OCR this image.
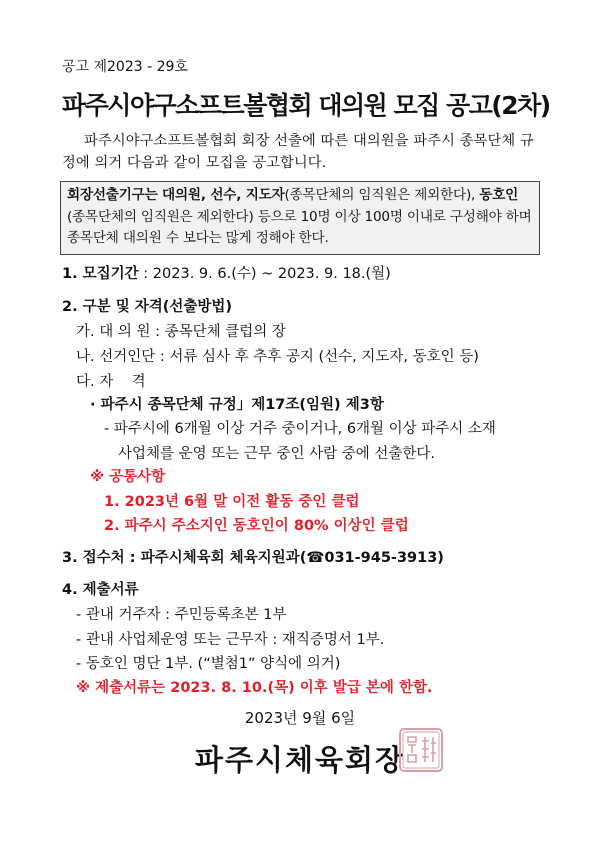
공고 제2023 - 29호
파주시야구소프트볼협회 대의원 모집 공고(2차)
파주시야구소프트볼협회 회장 선출에 따른 대의원을 파주시 종목단체 규정에 의거 다음과 같이 모집을 공고합니다.
회장선출기구는 대의원, 선수, 지도자(종목단체의 임직원은 제외한다), 동호인
(종목단체의 임직원은 제외한다) 등으로 10명 이상 100명 이내로 구성해야 하며
종목단체 대의원 수 보다는 많게 정해야 한다.
1. 모집기간 : 2023. 9. 6.(수) ~ 2023. 9. 18.(월)
2. 구분 및 자격(선출방법)
가. 대 의 원 : 종목단체 클럽의 장
나. 선거인단 : 서류 심사 후 추후 공지 (선수, 지도자, 동호인 등)
다. 자    격
· 파주시 종목단체 규정」제17조(임원) 제3항
- 파주시에 6개월 이상 거주 중이거나, 6개월 이상 파주시 소재
사업체를 운영 또는 근무 중인 사람 중에 선출한다.
※ 공통사항
1. 2023년 6월 말 이전 활동 중인 클럽
2. 파주시 주소지인 동호인이 80% 이상인 클럽
3. 접수처 : 파주시체육회 체육지원과(☎031-945-3913)
4. 제출서류
- 관내 거주자 : 주민등록초본 1부
- 관내 사업체운영 또는 근무자 : 재직증명서 1부.
- 동호인 명단 1부. (“별첨1” 양식에 의거)
※ 제출서류는 2023. 8. 10.(목) 이후 발급 본에 한함.
2023년 9월 6일
파주시체육회장
